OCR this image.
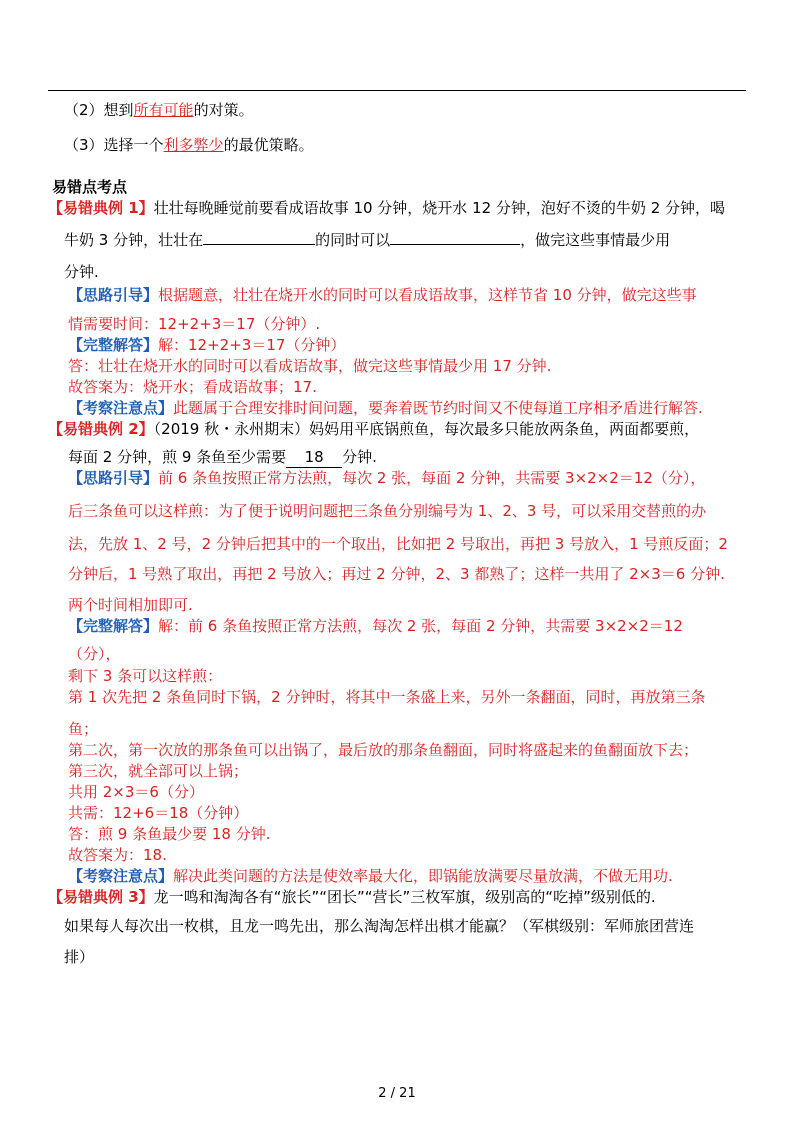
（2）想到所有可能的对策。
（3）选择一个利多弊少的最优策略。
易错点考点
【易错典例 1】壮壮每晚睡觉前要看成语故事 10 分钟，烧开水 12 分钟，泡好不烫的牛奶 2 分钟，喝
牛奶 3 分钟，壮壮在	的同时可以	，做完这些事情最少用
分钟.
【思路引导】根据题意，壮壮在烧开水的同时可以看成语故事，这样节省 10 分钟，做完这些事
情需要时间：12+2+3＝17（分钟）.
【完整解答】解：12+2+3＝17（分钟）
答：壮壮在烧开水的同时可以看成语故事，做完这些事情最少用 17 分钟.
故答案为：烧开水；看成语故事；17.
【考察注意点】此题属于合理安排时间问题，要奔着既节约时间又不使每道工序相矛盾进行解答.
【易错典例 2】（2019 秋・永州期末）妈妈用平底锅煎鱼，每次最多只能放两条鱼，两面都要煎，
每面 2 分钟，煎 9 条鱼至少需要 18 分钟.
【思路引导】前 6 条鱼按照正常方法煎，每次 2 张，每面 2 分钟，共需要 3×2×2＝12（分），
后三条鱼可以这样煎：为了便于说明问题把三条鱼分别编号为 1、2、3 号，可以采用交替煎的办
法，先放 1、2 号，2 分钟后把其中的一个取出，比如把 2 号取出，再把 3 号放入，1 号煎反面；2
分钟后，1 号熟了取出，再把 2 号放入；再过 2 分钟，2、3 都熟了；这样一共用了 2×3＝6 分钟.
两个时间相加即可.
【完整解答】解：前 6 条鱼按照正常方法煎，每次 2 张，每面 2 分钟，共需要 3×2×2＝12
（分），
剩下 3 条可以这样煎：
第 1 次先把 2 条鱼同时下锅，2 分钟时，将其中一条盛上来，另外一条翻面，同时，再放第三条
鱼；
第二次，第一次放的那条鱼可以出锅了，最后放的那条鱼翻面，同时将盛起来的鱼翻面放下去；
第三次，就全部可以上锅；
共用 2×3＝6（分）
共需：12+6＝18（分钟）
答：煎 9 条鱼最少要 18 分钟.
故答案为：18.
【考察注意点】解决此类问题的方法是使效率最大化，即锅能放满要尽量放满，不做无用功.
【易错典例 3】龙一鸣和淘淘各有“旅长”“团长”“营长”三枚军旗，级别高的“吃掉”级别低的.
如果每人每次出一枚棋，且龙一鸣先出，那么淘淘怎样出棋才能赢？（军棋级别：军师旅团营连
排）
2 / 21
